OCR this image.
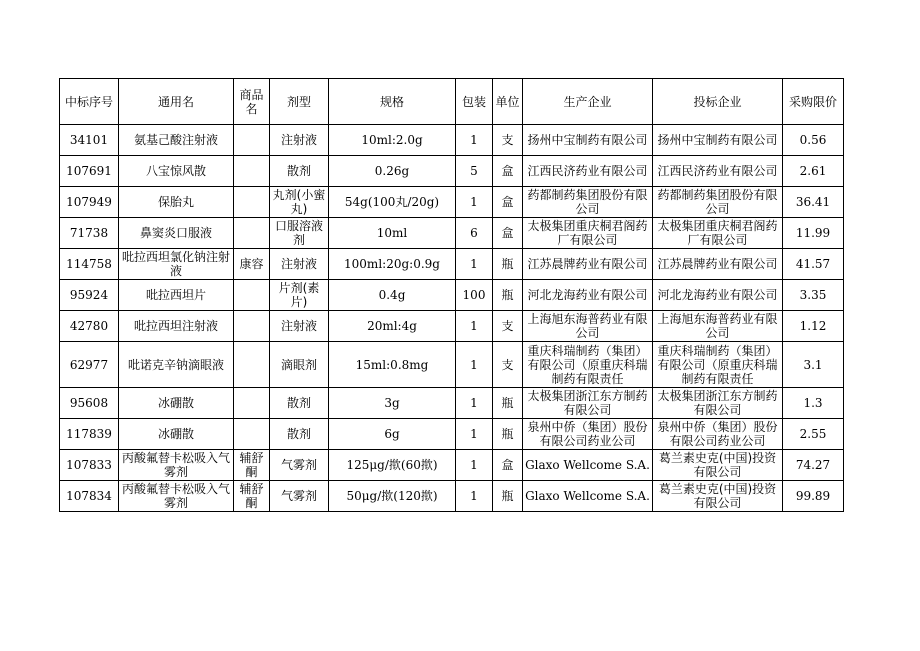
中标序号	通用名	商品名	剂型	规格	包装	单位	生产企业	投标企业	采购限价
34101	氨基己酸注射液		注射液	10ml:2.0g	1	支	扬州中宝制药有限公司	扬州中宝制药有限公司	0.56
107691	八宝惊风散		散剂	0.26g	5	盒	江西民济药业有限公司	江西民济药业有限公司	2.61
107949	保胎丸		丸剂(小蜜丸)	54g(100丸/20g)	1	盒	药都制药集团股份有限公司	药都制药集团股份有限公司	36.41
71738	鼻窦炎口服液		口服溶液剂	10ml	6	盒	太极集团重庆桐君阁药厂有限公司	太极集团重庆桐君阁药厂有限公司	11.99
114758	吡拉西坦氯化钠注射液	康容	注射液	100ml:20g:0.9g	1	瓶	江苏晨牌药业有限公司	江苏晨牌药业有限公司	41.57
95924	吡拉西坦片		片剂(素片)	0.4g	100	瓶	河北龙海药业有限公司	河北龙海药业有限公司	3.35
42780	吡拉西坦注射液		注射液	20ml:4g	1	支	上海旭东海普药业有限公司	上海旭东海普药业有限公司	1.12
62977	吡诺克辛钠滴眼液		滴眼剂	15ml:0.8mg	1	支	重庆科瑞制药（集团）有限公司（原重庆科瑞制药有限责任	重庆科瑞制药（集团）有限公司（原重庆科瑞制药有限责任	3.1
95608	冰硼散		散剂	3g	1	瓶	太极集团浙江东方制药有限公司	太极集团浙江东方制药有限公司	1.3
117839	冰硼散		散剂	6g	1	瓶	泉州中侨（集团）股份有限公司药业公司	泉州中侨（集团）股份有限公司药业公司	2.55
107833	丙酸氟替卡松吸入气雾剂	辅舒酮	气雾剂	125μg/揿(60揿)	1	盒	Glaxo Wellcome S.A.	葛兰素史克(中国)投资有限公司	74.27
107834	丙酸氟替卡松吸入气雾剂	辅舒酮	气雾剂	50μg/揿(120揿)	1	瓶	Glaxo Wellcome S.A.	葛兰素史克(中国)投资有限公司	99.89
